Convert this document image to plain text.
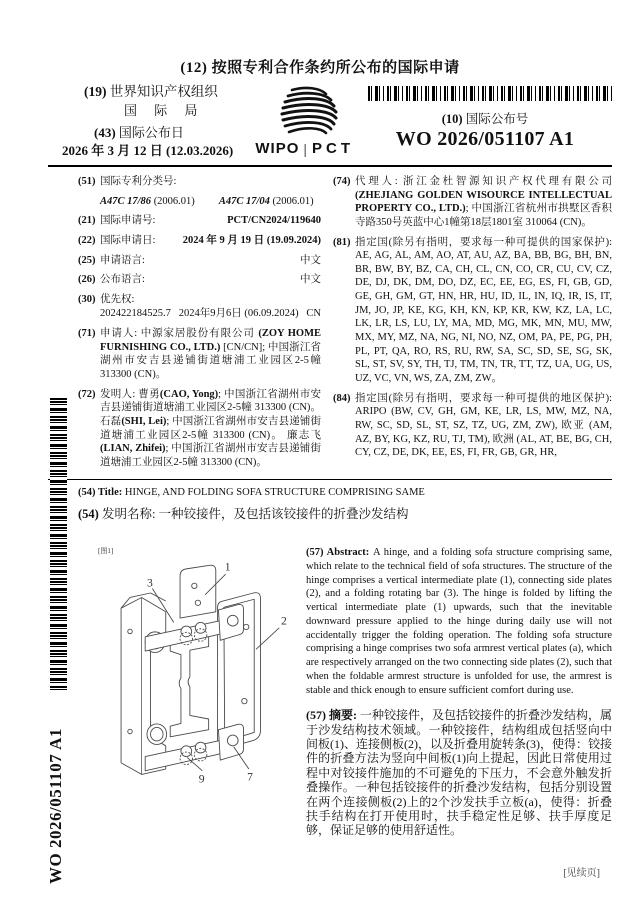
(12) 按照专利合作条约所公布的国际申请
(19) 世界知识产权组织
国 际 局
(43) 国际公布日
2026 年 3 月 12 日 (12.03.2026)	WIPO | PCT
(10) 国际公布号
WO 2026/051107 A1
(51) 国际专利分类号:
A47C 17/86 (2006.01) A47C 17/04 (2006.01)
(21) 国际申请号:	PCT/CN2024/119640
(22) 国际申请日:	2024 年 9 月 19 日 (19.09.2024)
(25) 申请语言:	中文
(26) 公布语言:	中文
(30) 优先权:
202422184525.7 2024年9月6日 (06.09.2024) CN
(71) 申请人: 中源家居股份有限公司 (ZOY HOME FURNISHING CO., LTD.) [CN/CN]; 中国浙江省湖州市安吉县递铺街道塘浦工业园区2-5幢 313300 (CN)。
(72) 发明人: 曹勇(CAO, Yong); 中国浙江省湖州市安吉县递铺街道塘浦工业园区2-5幢 313300 (CN)。石磊(SHI, Lei); 中国浙江省湖州市安吉县递铺街道塘浦工业园区2-5幢 313300 (CN)。 廉志飞(LIAN, Zhifei); 中国浙江省湖州市安吉县递铺街道塘浦工业园区2-5幢 313300 (CN)。
(74) 代理人: 浙江金杜智源知识产权代理有限公司 (ZHEJIANG GOLDEN WISOURCE INTELLECTUAL PROPERTY CO., LTD.); 中国浙江省杭州市拱墅区香积寺路350号英蓝中心1幢第18层1801室 310064 (CN)。
(81) 指定国(除另有指明，要求每一种可提供的国家保护): AE, AG, AL, AM, AO, AT, AU, AZ, BA, BB, BG, BH, BN, BR, BW, BY, BZ, CA, CH, CL, CN, CO, CR, CU, CV, CZ, DE, DJ, DK, DM, DO, DZ, EC, EE, EG, ES, FI, GB, GD, GE, GH, GM, GT, HN, HR, HU, ID, IL, IN, IQ, IR, IS, IT, JM, JO, JP, KE, KG, KH, KN, KP, KR, KW, KZ, LA, LC, LK, LR, LS, LU, LY, MA, MD, MG, MK, MN, MU, MW, MX, MY, MZ, NA, NG, NI, NO, NZ, OM, PA, PE, PG, PH, PL, PT, QA, RO, RS, RU, RW, SA, SC, SD, SE, SG, SK, SL, ST, SV, SY, TH, TJ, TM, TN, TR, TT, TZ, UA, UG, US, UZ, VC, VN, WS, ZA, ZM, ZW。
(84) 指定国(除另有指明，要求每一种可提供的地区保护): ARIPO (BW, CV, GH, GM, KE, LR, LS, MW, MZ, NA, RW, SC, SD, SL, ST, SZ, TZ, UG, ZM, ZW), 欧亚 (AM, AZ, BY, KG, KZ, RU, TJ, TM), 欧洲 (AL, AT, BE, BG, CH, CY, CZ, DE, DK, EE, ES, FI, FR, GB, GR, HR,
(54) Title: HINGE, AND FOLDING SOFA STRUCTURE COMPRISING SAME
(54) 发明名称: 一种铰接件，及包括该铰接件的折叠沙发结构
[图1]
3
1
2
9	7
(57) Abstract: A hinge, and a folding sofa structure comprising same, which relate to the technical field of sofa structures. The structure of the hinge comprises a vertical intermediate plate (1), connecting side plates (2), and a folding rotating bar (3). The hinge is folded by lifting the vertical intermediate plate (1) upwards, such that the inevitable downward pressure applied to the hinge during daily use will not accidentally trigger the folding operation. The folding sofa structure comprising a hinge comprises two sofa armrest vertical plates (a), which are respectively arranged on the two connecting side plates (2), such that when the foldable armrest structure is unfolded for use, the armrest is stable and thick enough to ensure sufficient comfort during use.
(57) 摘要: 一种铰接件，及包括铰接件的折叠沙发结构，属于沙发结构技术领域。一种铰接件，结构组成包括竖向中间板(1)、连接侧板(2)，以及折叠用旋转条(3)，使得：铰接件的折叠方法为竖向中间板(1)向上提起，因此日常使用过程中对铰接件施加的不可避免的下压力，不会意外触发折叠操作。一种包括铰接件的折叠沙发结构，包括分别设置在两个连接侧板(2)上的2个沙发扶手立板(a)，使得：折叠扶手结构在打开使用时，扶手稳定性足够、扶手厚度足够，保证足够的使用舒适性。
WO 2026/051107 A1	[见续页]
